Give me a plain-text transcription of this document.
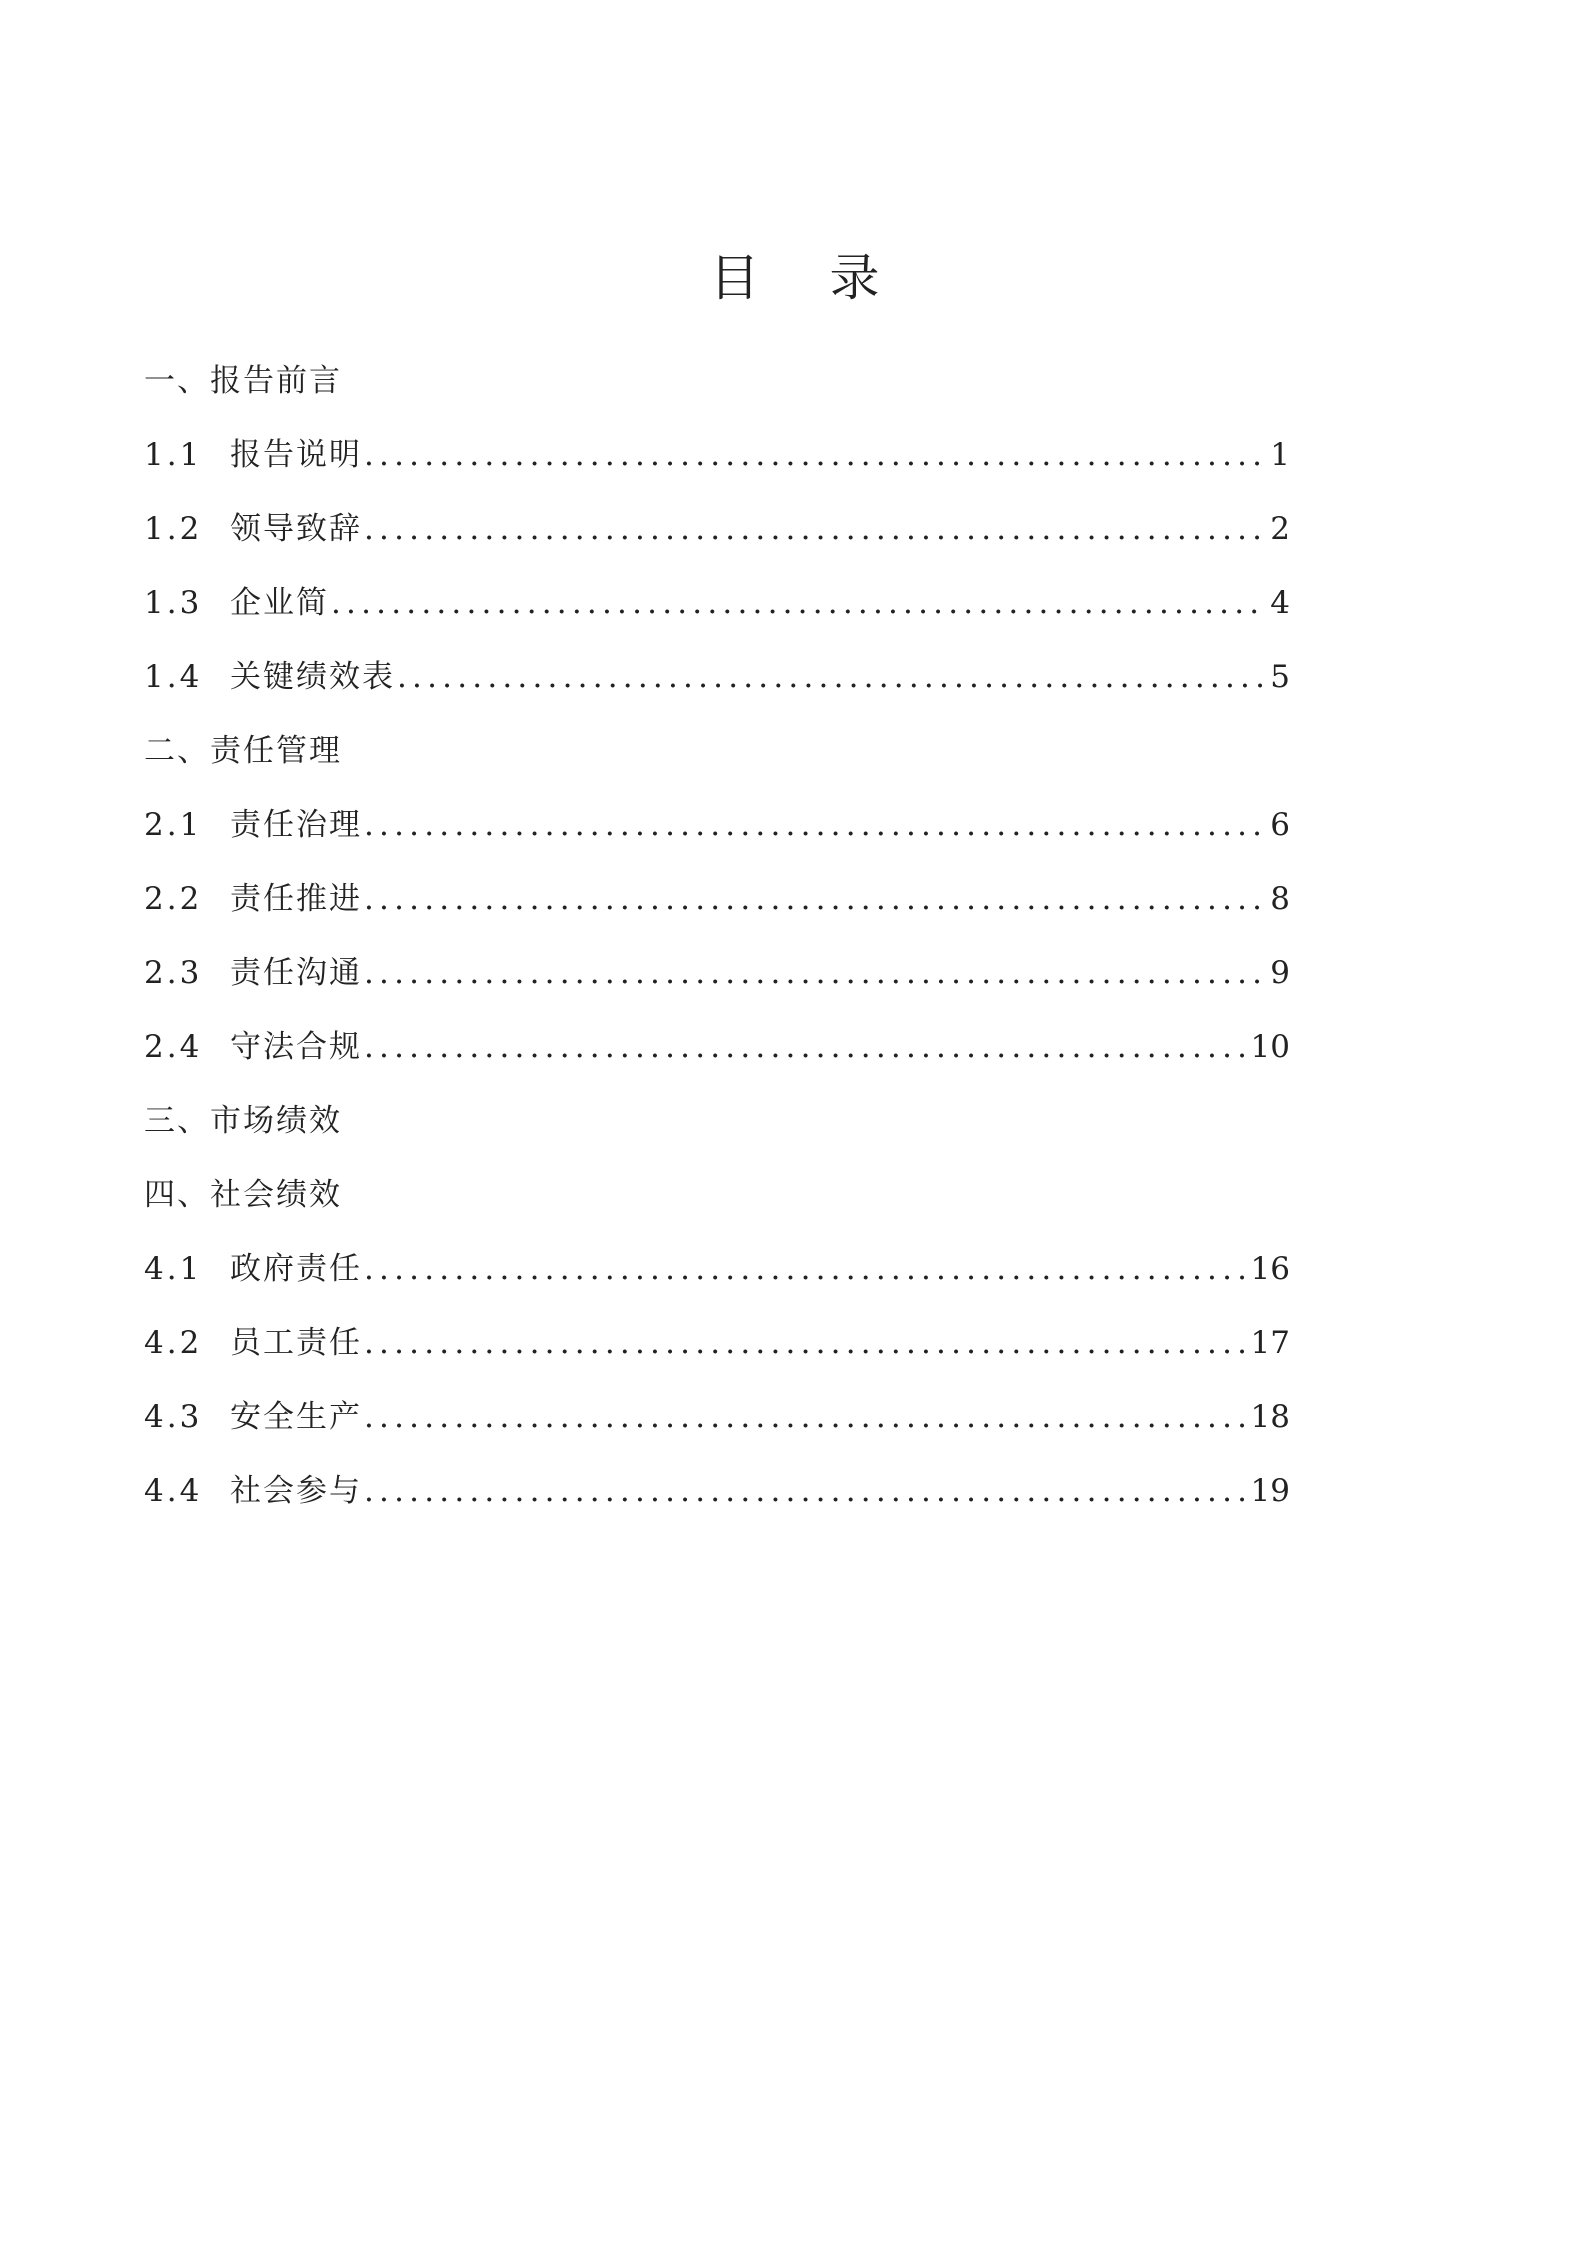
目 录
一、报告前言
1.1 报告说明 .....	1
1.2 领导致辞 .....	2
1.3 企业简 .....	4
1.4 关键绩效表 .....	5
二、责任管理
2.1 责任治理 .....	6
2.2 责任推进 .....	8
2.3 责任沟通 .....	9
2.4 守法合规 .....	10
三、市场绩效
四、社会绩效
4.1 政府责任 .....	16
4.2 员工责任 .....	17
4.3 安全生产 .....	18
4.4 社会参与 .....	19
